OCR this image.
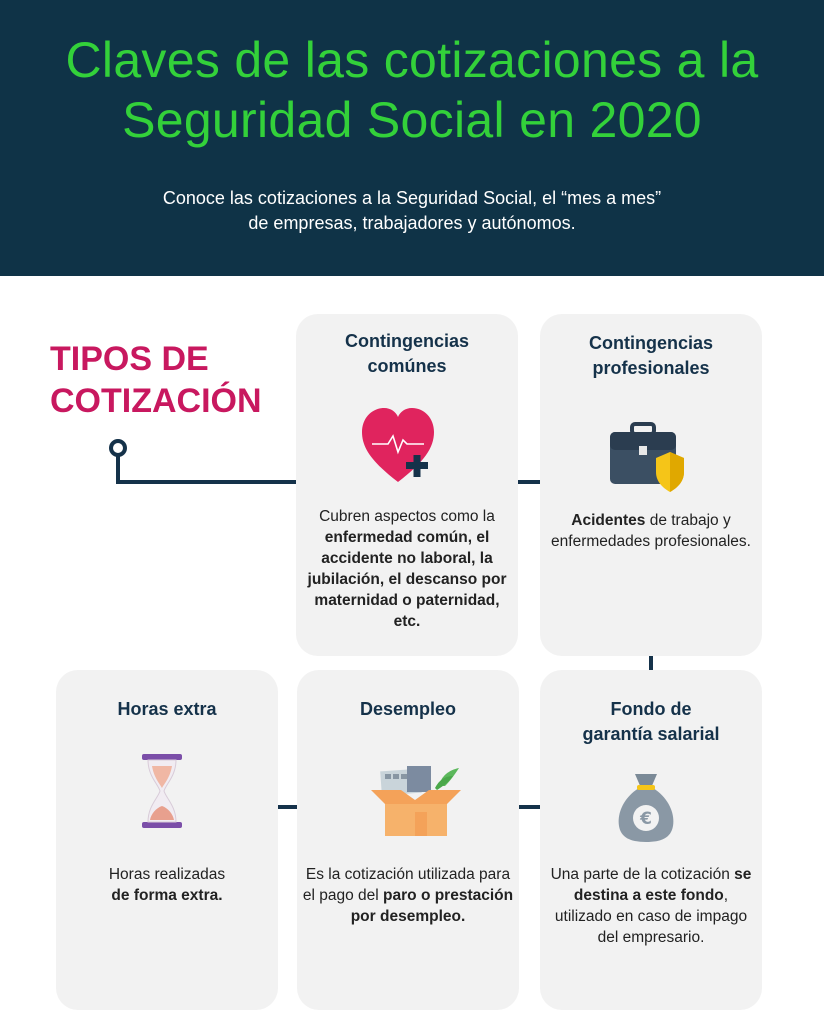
Claves de las cotizaciones a la
Seguridad Social en 2020
Conoce las cotizaciones a la Seguridad Social, el “mes a mes”
de empresas, trabajadores y autónomos.
TIPOS DE
COTIZACIÓN
Contingencias
comúnes
Cubren aspectos como la enfermedad común, el accidente no laboral, la jubilación, el descanso por maternidad o paternidad, etc.
Contingencias
profesionales
Acidentes de trabajo y enfermedades profesionales.
Horas extra
Horas realizadas
de forma extra.
Desempleo
Es la cotización utilizada para el pago del paro o prestación por desempleo.
Fondo de
garantía salarial
€
Una parte de la cotización se destina a este fondo, utilizado en caso de impago del empresario.
